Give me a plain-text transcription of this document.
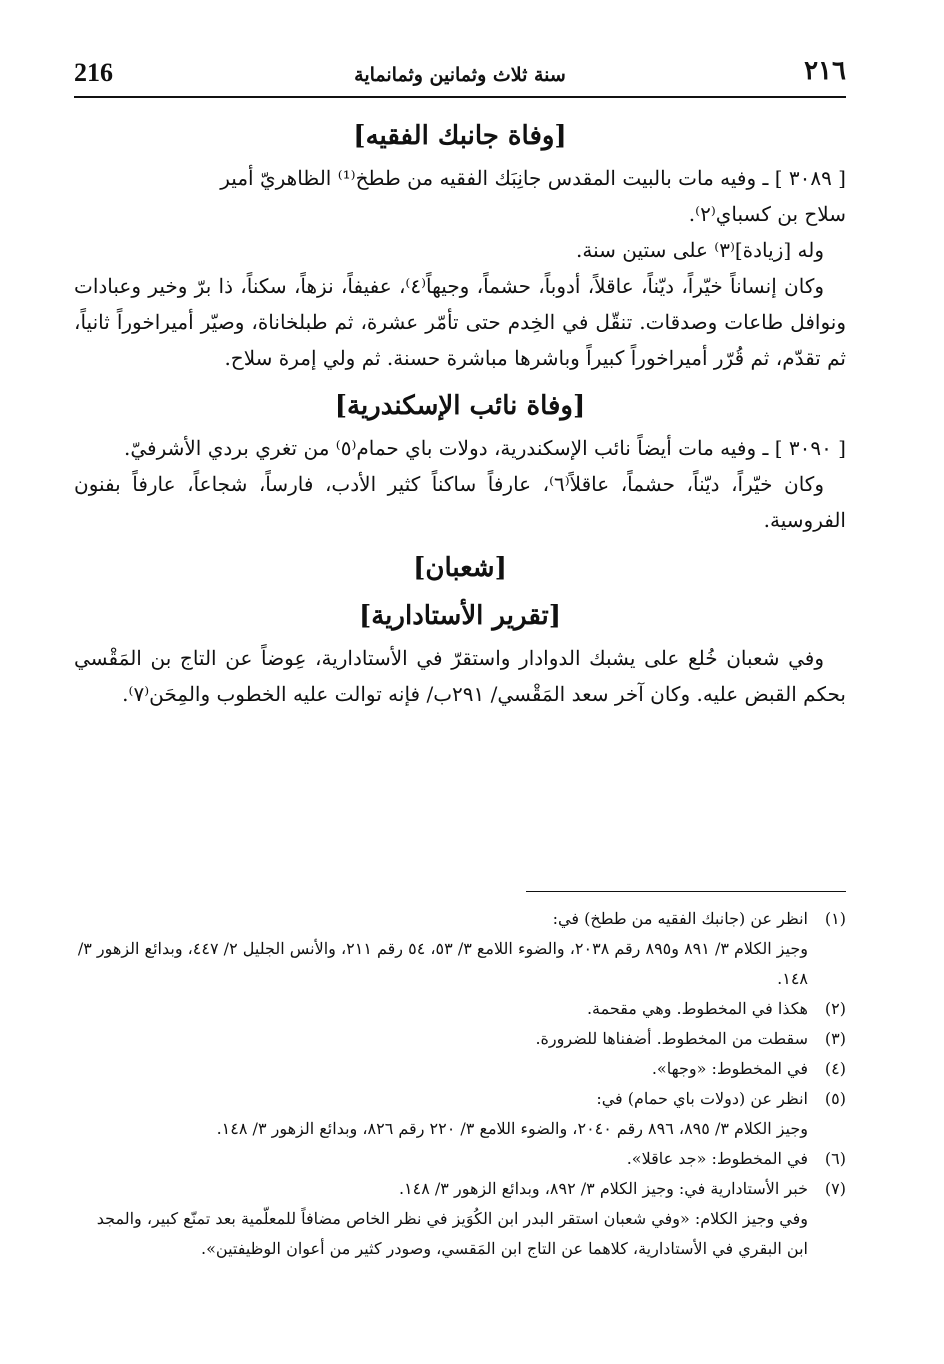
216	سنة ثلاث وثمانين وثمانماية	٢١٦
[وفاة جانبك الفقيه]

[ ٣٠٨٩ ] ـ وفيه مات بالبيت المقدس جانِبَك الفقيه من ططخ⁽¹⁾ الظاهريّ أمير

سلاح بن كسباي⁽٢⁾.

وله [زيادة]⁽٣⁾ على ستين سنة.

وكان إنساناً خيّراً، ديّناً، عاقلاً، أدوباً، حشماً، وجيهاً⁽٤⁾، عفيفاً، نزهاً، سكناً، ذا برّ وخير وعبادات ونوافل طاعات وصدقات. تنقّل في الخِدم حتى تأمّر عشرة، ثم طبلخاناة، وصيّر أميراخوراً ثانياً، ثم تقدّم، ثم قُرّر أميراخوراً كبيراً وباشرها مباشرة حسنة. ثم ولي إمرة سلاح.

[وفاة نائب الإسكندرية]

[ ٣٠٩٠ ] ـ وفيه مات أيضاً نائب الإسكندرية، دولات باي حمام⁽٥⁾ من تغري بردي الأشرفيّ.

وكان خيّراً، ديّناً، حشماً، عاقلاً⁽٦⁾، عارفاً ساكناً كثير الأدب، فارساً، شجاعاً، عارفاً بفنون الفروسية.

[شعبان]
[تقرير الأستادارية]

وفي شعبان خُلع على يشبك الدوادار واستقرّ في الأستادارية، عِوضاً عن التاج بن المَقْسي بحكم القبض عليه. وكان آخر سعد المَقْسي/ ٢٩١ب/ فإنه توالت عليه الخطوب والمِحَن⁽٧⁾.

(١)
انظر عن (جانبك الفقيه من ططخ) في:
وجيز الكلام ٣/ ٨٩١ و٨٩٥ رقم ٢٠٣٨، والضوء اللامع ٣/ ٥٣، ٥٤ رقم ٢١١، والأنس الجليل ٢/ ٤٤٧، وبدائع الزهور ٣/ ١٤٨.
(٢)
هكذا في المخطوط. وهي مقحمة.
(٣)
سقطت من المخطوط. أضفناها للضرورة.
(٤)
في المخطوط: «وجها».
(٥)
انظر عن (دولات باي حمام) في:
وجيز الكلام ٣/ ٨٩٥، ٨٩٦ رقم ٢٠٤٠، والضوء اللامع ٣/ ٢٢٠ رقم ٨٢٦، وبدائع الزهور ٣/ ١٤٨.
(٦)
في المخطوط: «جد عاقلا».
(٧)
خبر الأستادارية في: وجيز الكلام ٣/ ٨٩٢، وبدائع الزهور ٣/ ١٤٨.
وفي وجيز الكلام: «وفي شعبان استقر البدر ابن الكُوَيز في نظر الخاص مضافاً للمعلّمية بعد تمنّع كبير، والمجد ابن البقري في الأستادارية، كلاهما عن التاج ابن المَقسي، وصودر كثير من أعوان الوظيفتين».
